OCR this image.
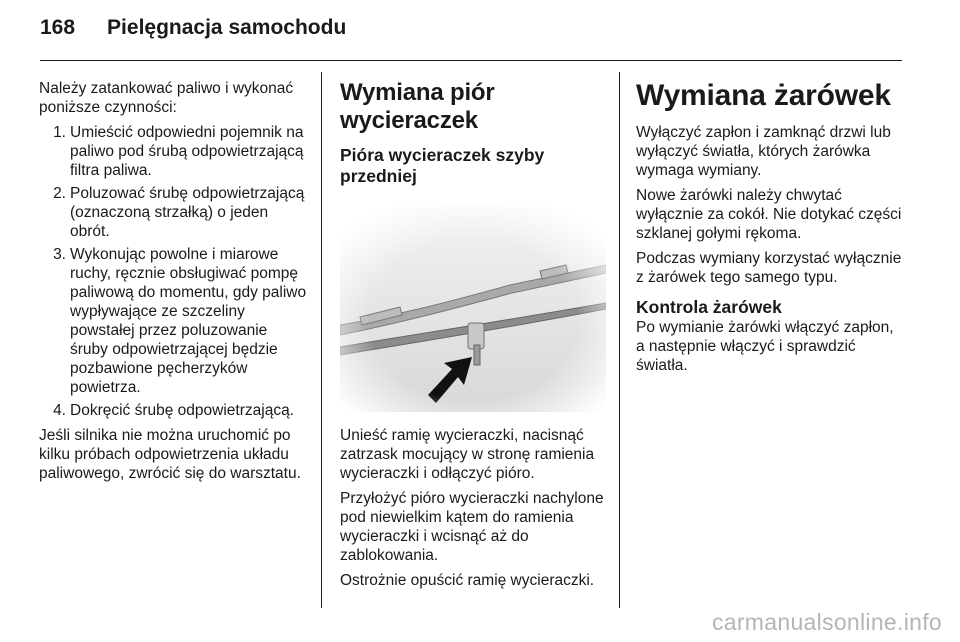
168 Pielęgnacja samochodu

Należy zatankować paliwo i wykonać poniższe czynności:

1. Umieścić odpowiedni pojemnik na paliwo pod śrubą odpowietrzającą filtra paliwa.
2. Poluzować śrubę odpowietrzającą (oznaczoną strzałką) o jeden obrót.
3. Wykonując powolne i miarowe ruchy, ręcznie obsługiwać pompę paliwową do momentu, gdy paliwo wypływające ze szczeliny powstałej przez poluzowanie śruby odpowietrzającej będzie pozbawione pęcherzyków powietrza.
4. Dokręcić śrubę odpowietrzającą.

Jeśli silnika nie można uruchomić po kilku próbach odpowietrzenia układu paliwowego, zwrócić się do warsztatu.

Wymiana piór wycieraczek
Pióra wycieraczek szyby przedniej

Unieść ramię wycieraczki, nacisnąć zatrzask mocujący w stronę ramienia wycieraczki i odłączyć pióro.

Przyłożyć pióro wycieraczki nachylone pod niewielkim kątem do ramienia wycieraczki i wcisnąć aż do zablokowania.

Ostrożnie opuścić ramię wycieraczki.

Wymiana żarówek

Wyłączyć zapłon i zamknąć drzwi lub wyłączyć światła, których żarówka wymaga wymiany.

Nowe żarówki należy chwytać wyłącznie za cokół. Nie dotykać części szklanej gołymi rękoma.

Podczas wymiany korzystać wyłącznie z żarówek tego samego typu.

Kontrola żarówek

Po wymianie żarówki włączyć zapłon, a następnie włączyć i sprawdzić światła.

carmanualsonline.info
